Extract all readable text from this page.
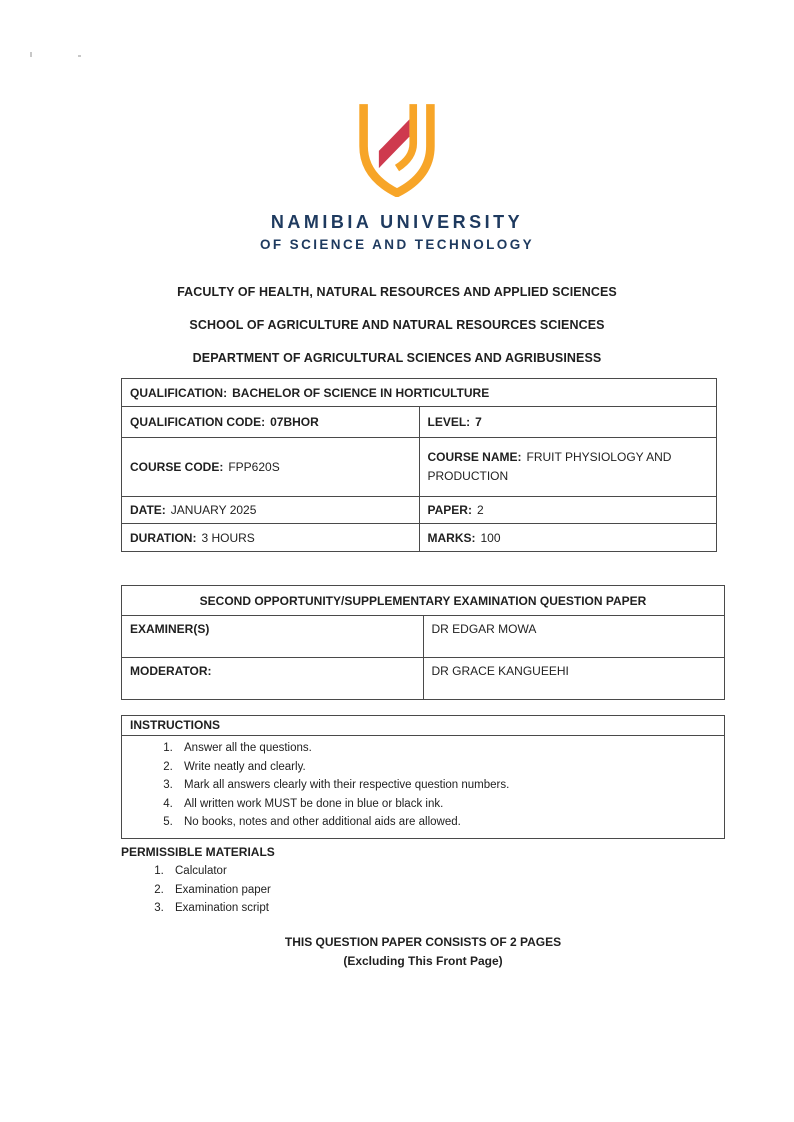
NAMIBIA UNIVERSITY
OF SCIENCE AND TECHNOLOGY
FACULTY OF HEALTH, NATURAL RESOURCES AND APPLIED SCIENCES
SCHOOL OF AGRICULTURE AND NATURAL RESOURCES SCIENCES
DEPARTMENT OF AGRICULTURAL SCIENCES AND AGRIBUSINESS
QUALIFICATION: BACHELOR OF SCIENCE IN HORTICULTURE	
QUALIFICATION CODE: 07BHOR	LEVEL: 7
COURSE CODE: FPP620S	COURSE NAME: FRUIT PHYSIOLOGY AND PRODUCTION
DATE: JANUARY 2025	PAPER: 2
DURATION: 3 HOURS	MARKS: 100
SECOND OPPORTUNITY/SUPPLEMENTARY EXAMINATION QUESTION PAPER	
EXAMINER(S)	DR EDGAR MOWA
MODERATOR:	DR GRACE KANGUEEHI
INSTRUCTIONS
1. Answer all the questions.
2. Write neatly and clearly.
3. Mark all answers clearly with their respective question numbers.
4. All written work MUST be done in blue or black ink.
5. No books, notes and other additional aids are allowed.
PERMISSIBLE MATERIALS
1. Calculator
2. Examination paper
3. Examination script
THIS QUESTION PAPER CONSISTS OF 2 PAGES
(Excluding This Front Page)
